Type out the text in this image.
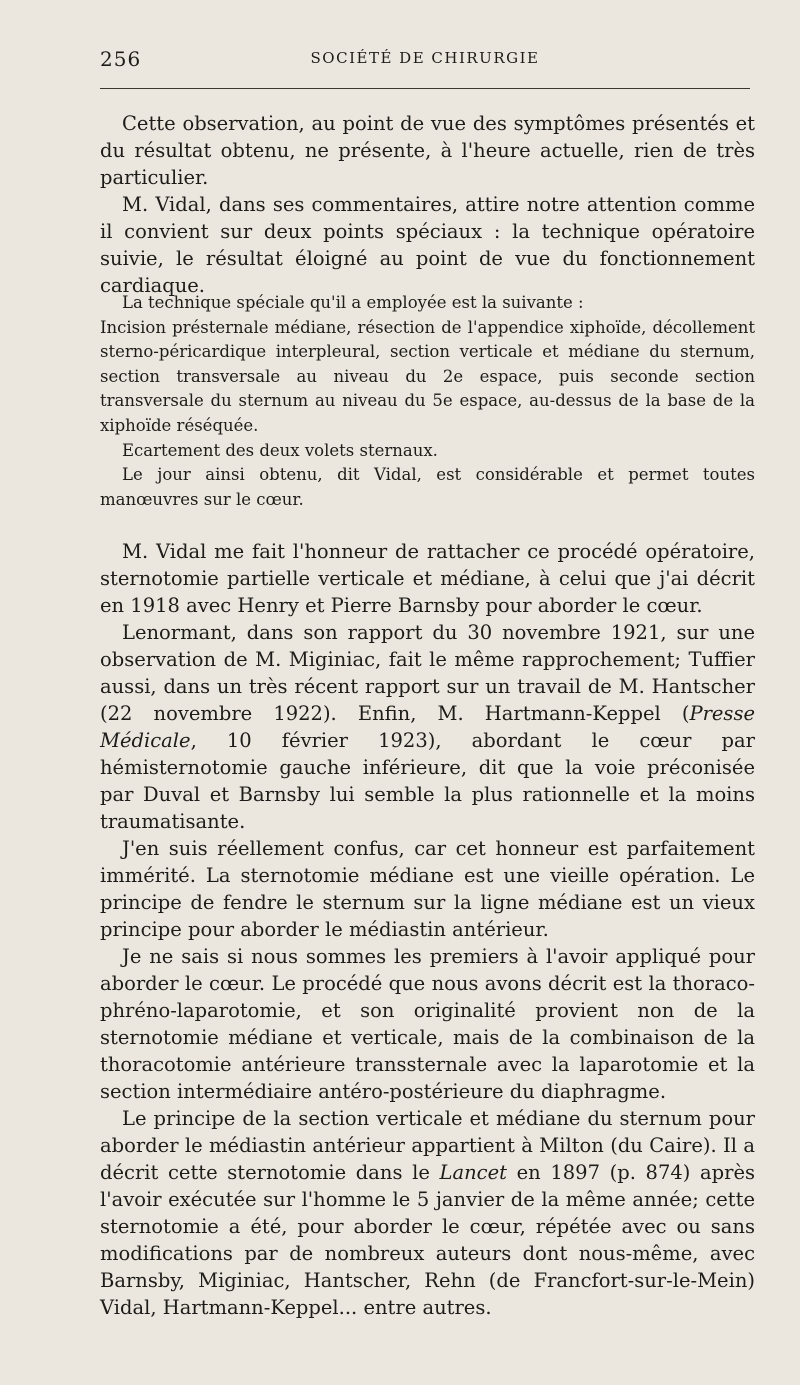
256	SOCIÉTÉ DE CHIRURGIE

Cette observation, au point de vue des symptômes présentés et du résultat obtenu, ne présente, à l'heure actuelle, rien de très particulier.

M. Vidal, dans ses commentaires, attire notre attention comme il convient sur deux points spéciaux : la technique opératoire suivie, le résultat éloigné au point de vue du fonctionnement cardiaque.

La technique spéciale qu'il a employée est la suivante :

Incision présternale médiane, résection de l'appendice xiphoïde, décollement sterno-péricardique interpleural, section verticale et médiane du sternum, section transversale au niveau du 2e espace, puis seconde section transversale du sternum au niveau du 5e espace, au-dessus de la base de la xiphoïde réséquée.

Ecartement des deux volets sternaux.

Le jour ainsi obtenu, dit Vidal, est considérable et permet toutes manœuvres sur le cœur.

M. Vidal me fait l'honneur de rattacher ce procédé opératoire, sternotomie partielle verticale et médiane, à celui que j'ai décrit en 1918 avec Henry et Pierre Barnsby pour aborder le cœur.

Lenormant, dans son rapport du 30 novembre 1921, sur une observation de M. Miginiac, fait le même rapprochement; Tuffier aussi, dans un très récent rapport sur un travail de M. Hantscher (22 novembre 1922). Enfin, M. Hartmann-Keppel (Presse Médicale, 10 février 1923), abordant le cœur par hémisternotomie gauche inférieure, dit que la voie préconisée par Duval et Barnsby lui semble la plus rationnelle et la moins traumatisante.

J'en suis réellement confus, car cet honneur est parfaitement immérité. La sternotomie médiane est une vieille opération. Le principe de fendre le sternum sur la ligne médiane est un vieux principe pour aborder le médiastin antérieur.

Je ne sais si nous sommes les premiers à l'avoir appliqué pour aborder le cœur. Le procédé que nous avons décrit est la thoraco-phréno-laparotomie, et son originalité provient non de la sternotomie médiane et verticale, mais de la combinaison de la thoracotomie antérieure transsternale avec la laparotomie et la section intermédiaire antéro-postérieure du diaphragme.

Le principe de la section verticale et médiane du sternum pour aborder le médiastin antérieur appartient à Milton (du Caire). Il a décrit cette sternotomie dans le Lancet en 1897 (p. 874) après l'avoir exécutée sur l'homme le 5 janvier de la même année; cette sternotomie a été, pour aborder le cœur, répétée avec ou sans modifications par de nombreux auteurs dont nous-même, avec Barnsby, Miginiac, Hantscher, Rehn (de Francfort-sur-le-Mein) Vidal, Hartmann-Keppel... entre autres.
